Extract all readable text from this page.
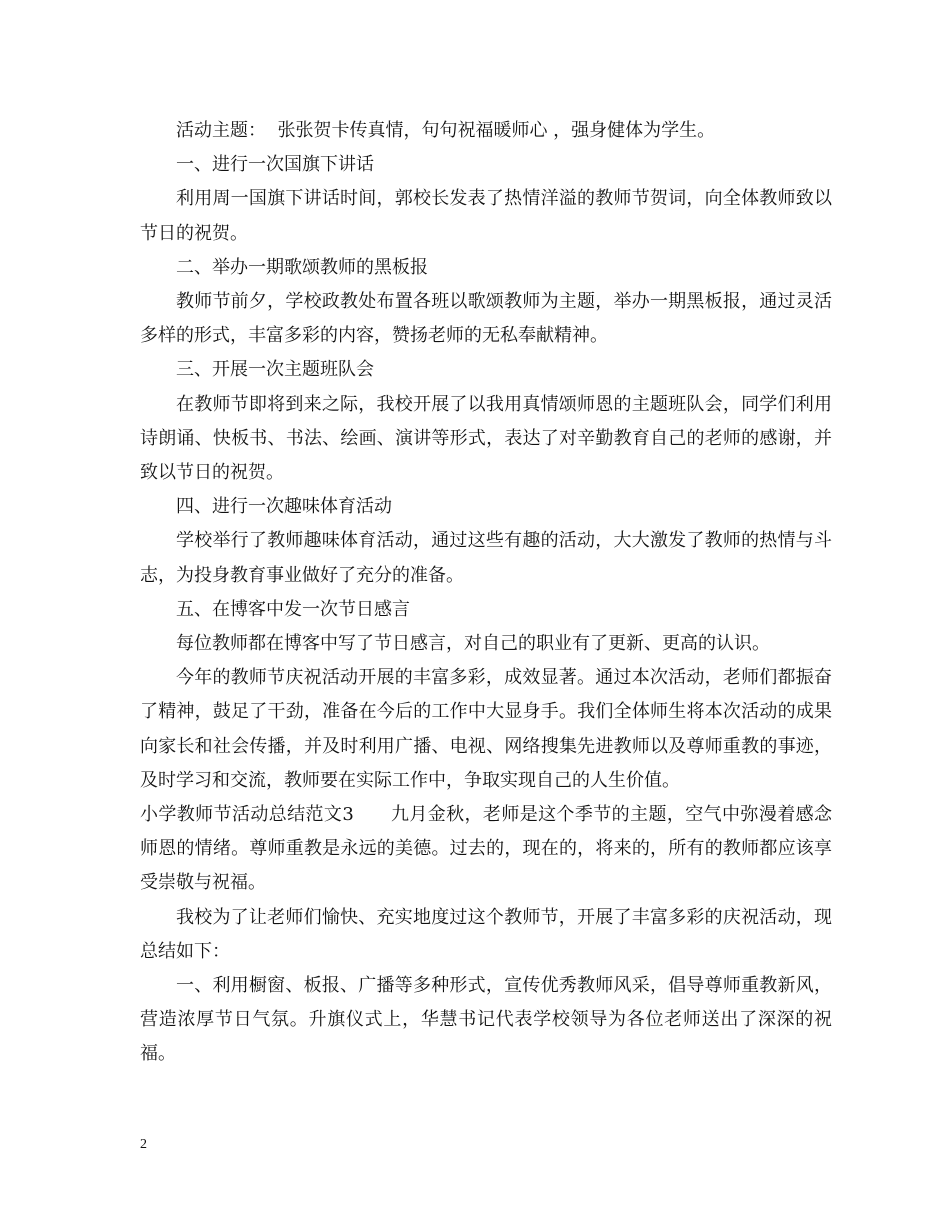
活动主题：  张张贺卡传真情，句句祝福暖师心 ，强身健体为学生。

一、进行一次国旗下讲话

利用周一国旗下讲话时间，郭校长发表了热情洋溢的教师节贺词，向全体教师致以节日的祝贺。

二、举办一期歌颂教师的黑板报

教师节前夕，学校政教处布置各班以歌颂教师为主题，举办一期黑板报，通过灵活多样的形式，丰富多彩的内容，赞扬老师的无私奉献精神。

三、开展一次主题班队会

在教师节即将到来之际，我校开展了以我用真情颂师恩的主题班队会，同学们利用诗朗诵、快板书、书法、绘画、演讲等形式，表达了对辛勤教育自己的老师的感谢，并致以节日的祝贺。

四、进行一次趣味体育活动

学校举行了教师趣味体育活动，通过这些有趣的活动，大大激发了教师的热情与斗志，为投身教育事业做好了充分的准备。

五、在博客中发一次节日感言

每位教师都在博客中写了节日感言，对自己的职业有了更新、更高的认识。

今年的教师节庆祝活动开展的丰富多彩，成效显著。通过本次活动，老师们都振奋了精神，鼓足了干劲，准备在今后的工作中大显身手。我们全体师生将本次活动的成果向家长和社会传播，并及时利用广播、电视、网络搜集先进教师以及尊师重教的事迹，及时学习和交流，教师要在实际工作中，争取实现自己的人生价值。

小学教师节活动总结范文3　　九月金秋，老师是这个季节的主题，空气中弥漫着感念师恩的情绪。尊师重教是永远的美德。过去的，现在的，将来的，所有的教师都应该享受崇敬与祝福。

我校为了让老师们愉快、充实地度过这个教师节，开展了丰富多彩的庆祝活动，现总结如下：

一、利用橱窗、板报、广播等多种形式，宣传优秀教师风采，倡导尊师重教新风，营造浓厚节日气氛。升旗仪式上，华慧书记代表学校领导为各位老师送出了深深的祝福。

2
